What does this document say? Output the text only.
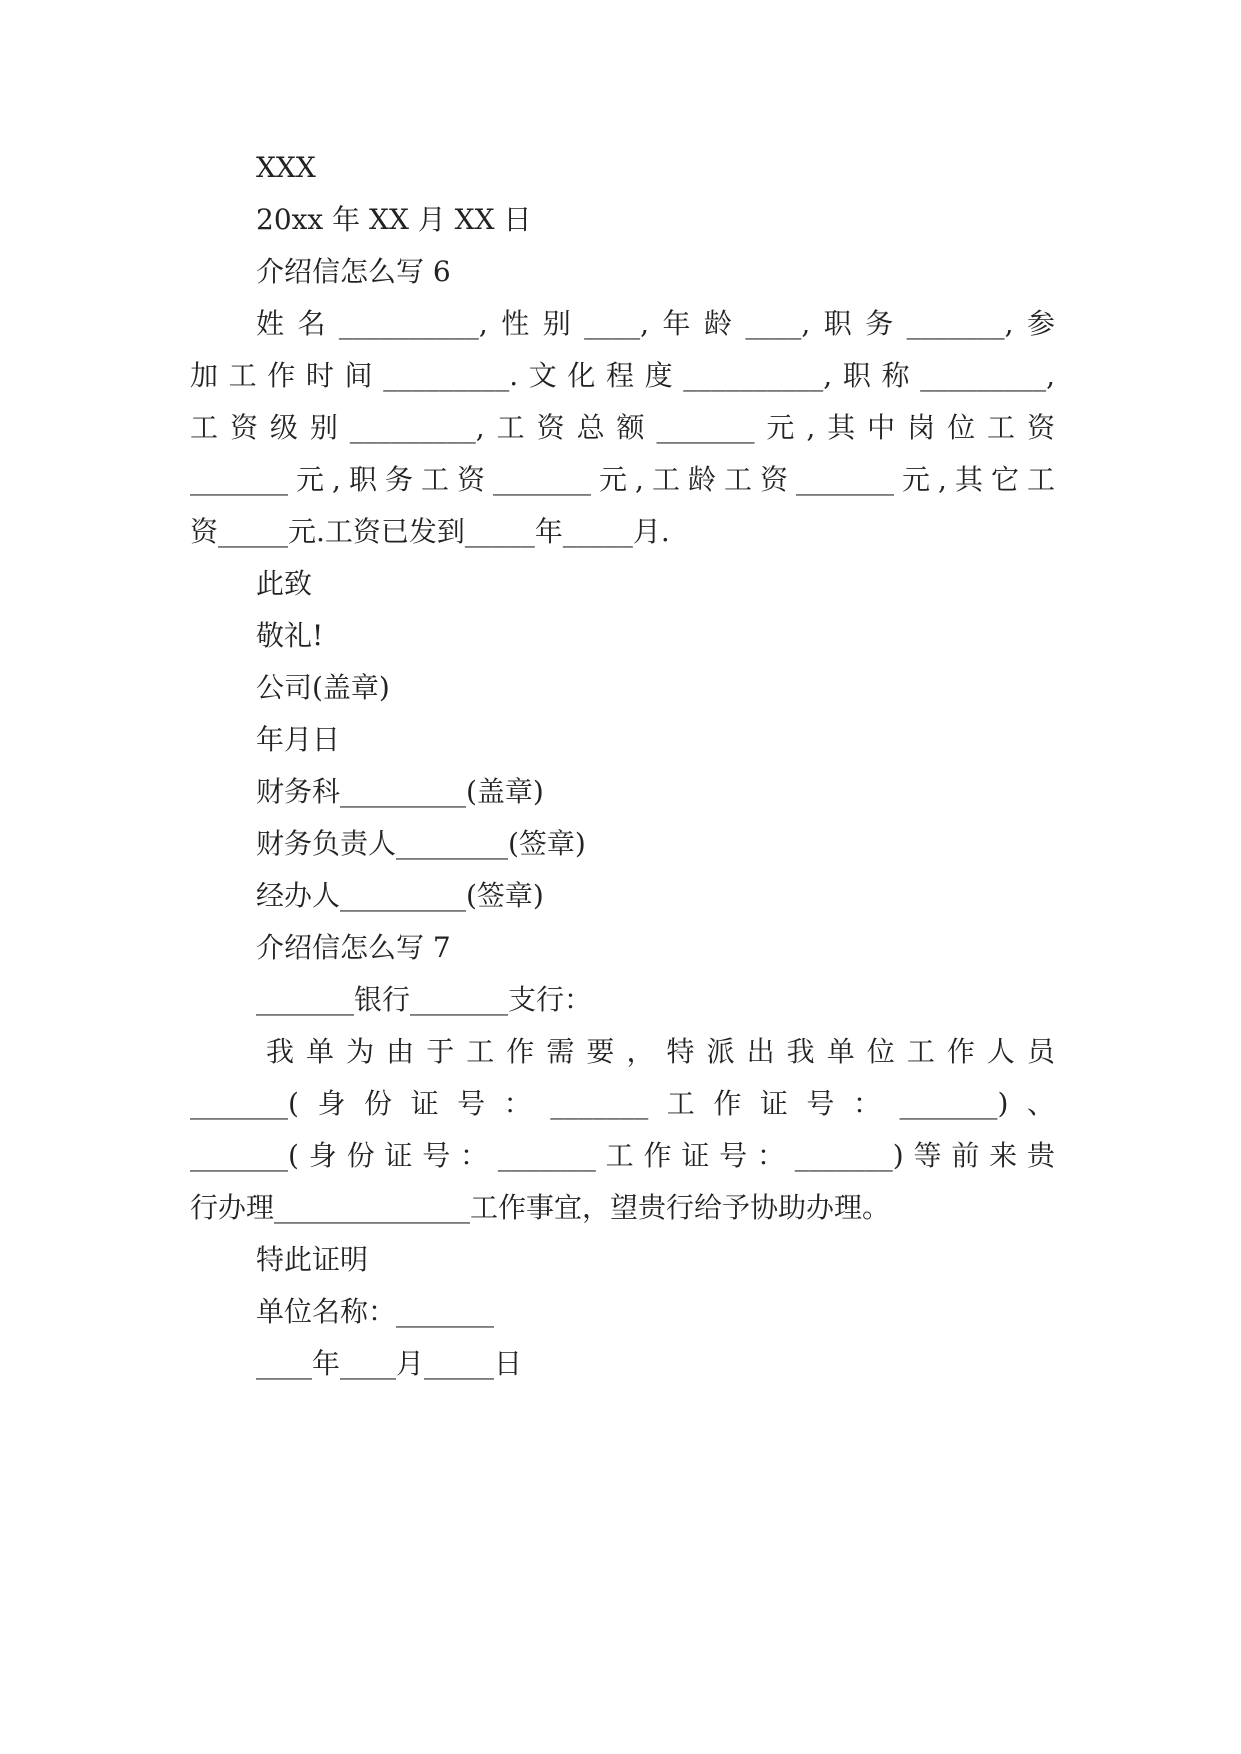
XXX
20xx 年 XX 月 XX 日
介绍信怎么写 6
姓名__________,性别____,年龄____,职务_______,参
加工作时间_________.文化程度__________,职称_________,
工资级别_________,工资总额_______元,其中岗位工资
_______元,职务工资_______元,工龄工资_______元,其它工
资_____元.工资已发到_____年_____月.
此致
敬礼!
公司(盖章)
年月日
财务科_________(盖章)
财务负责人________(签章)
经办人_________(签章)
介绍信怎么写 7
_______银行_______支行：
我单为由于工作需要，特派出我单位工作人员
_______(身份证号：_______工作证号：_______)、
_______(身份证号：_______工作证号：_______)等前来贵
行办理______________工作事宜，望贵行给予协助办理。
特此证明
单位名称：_______
____年____月_____日
